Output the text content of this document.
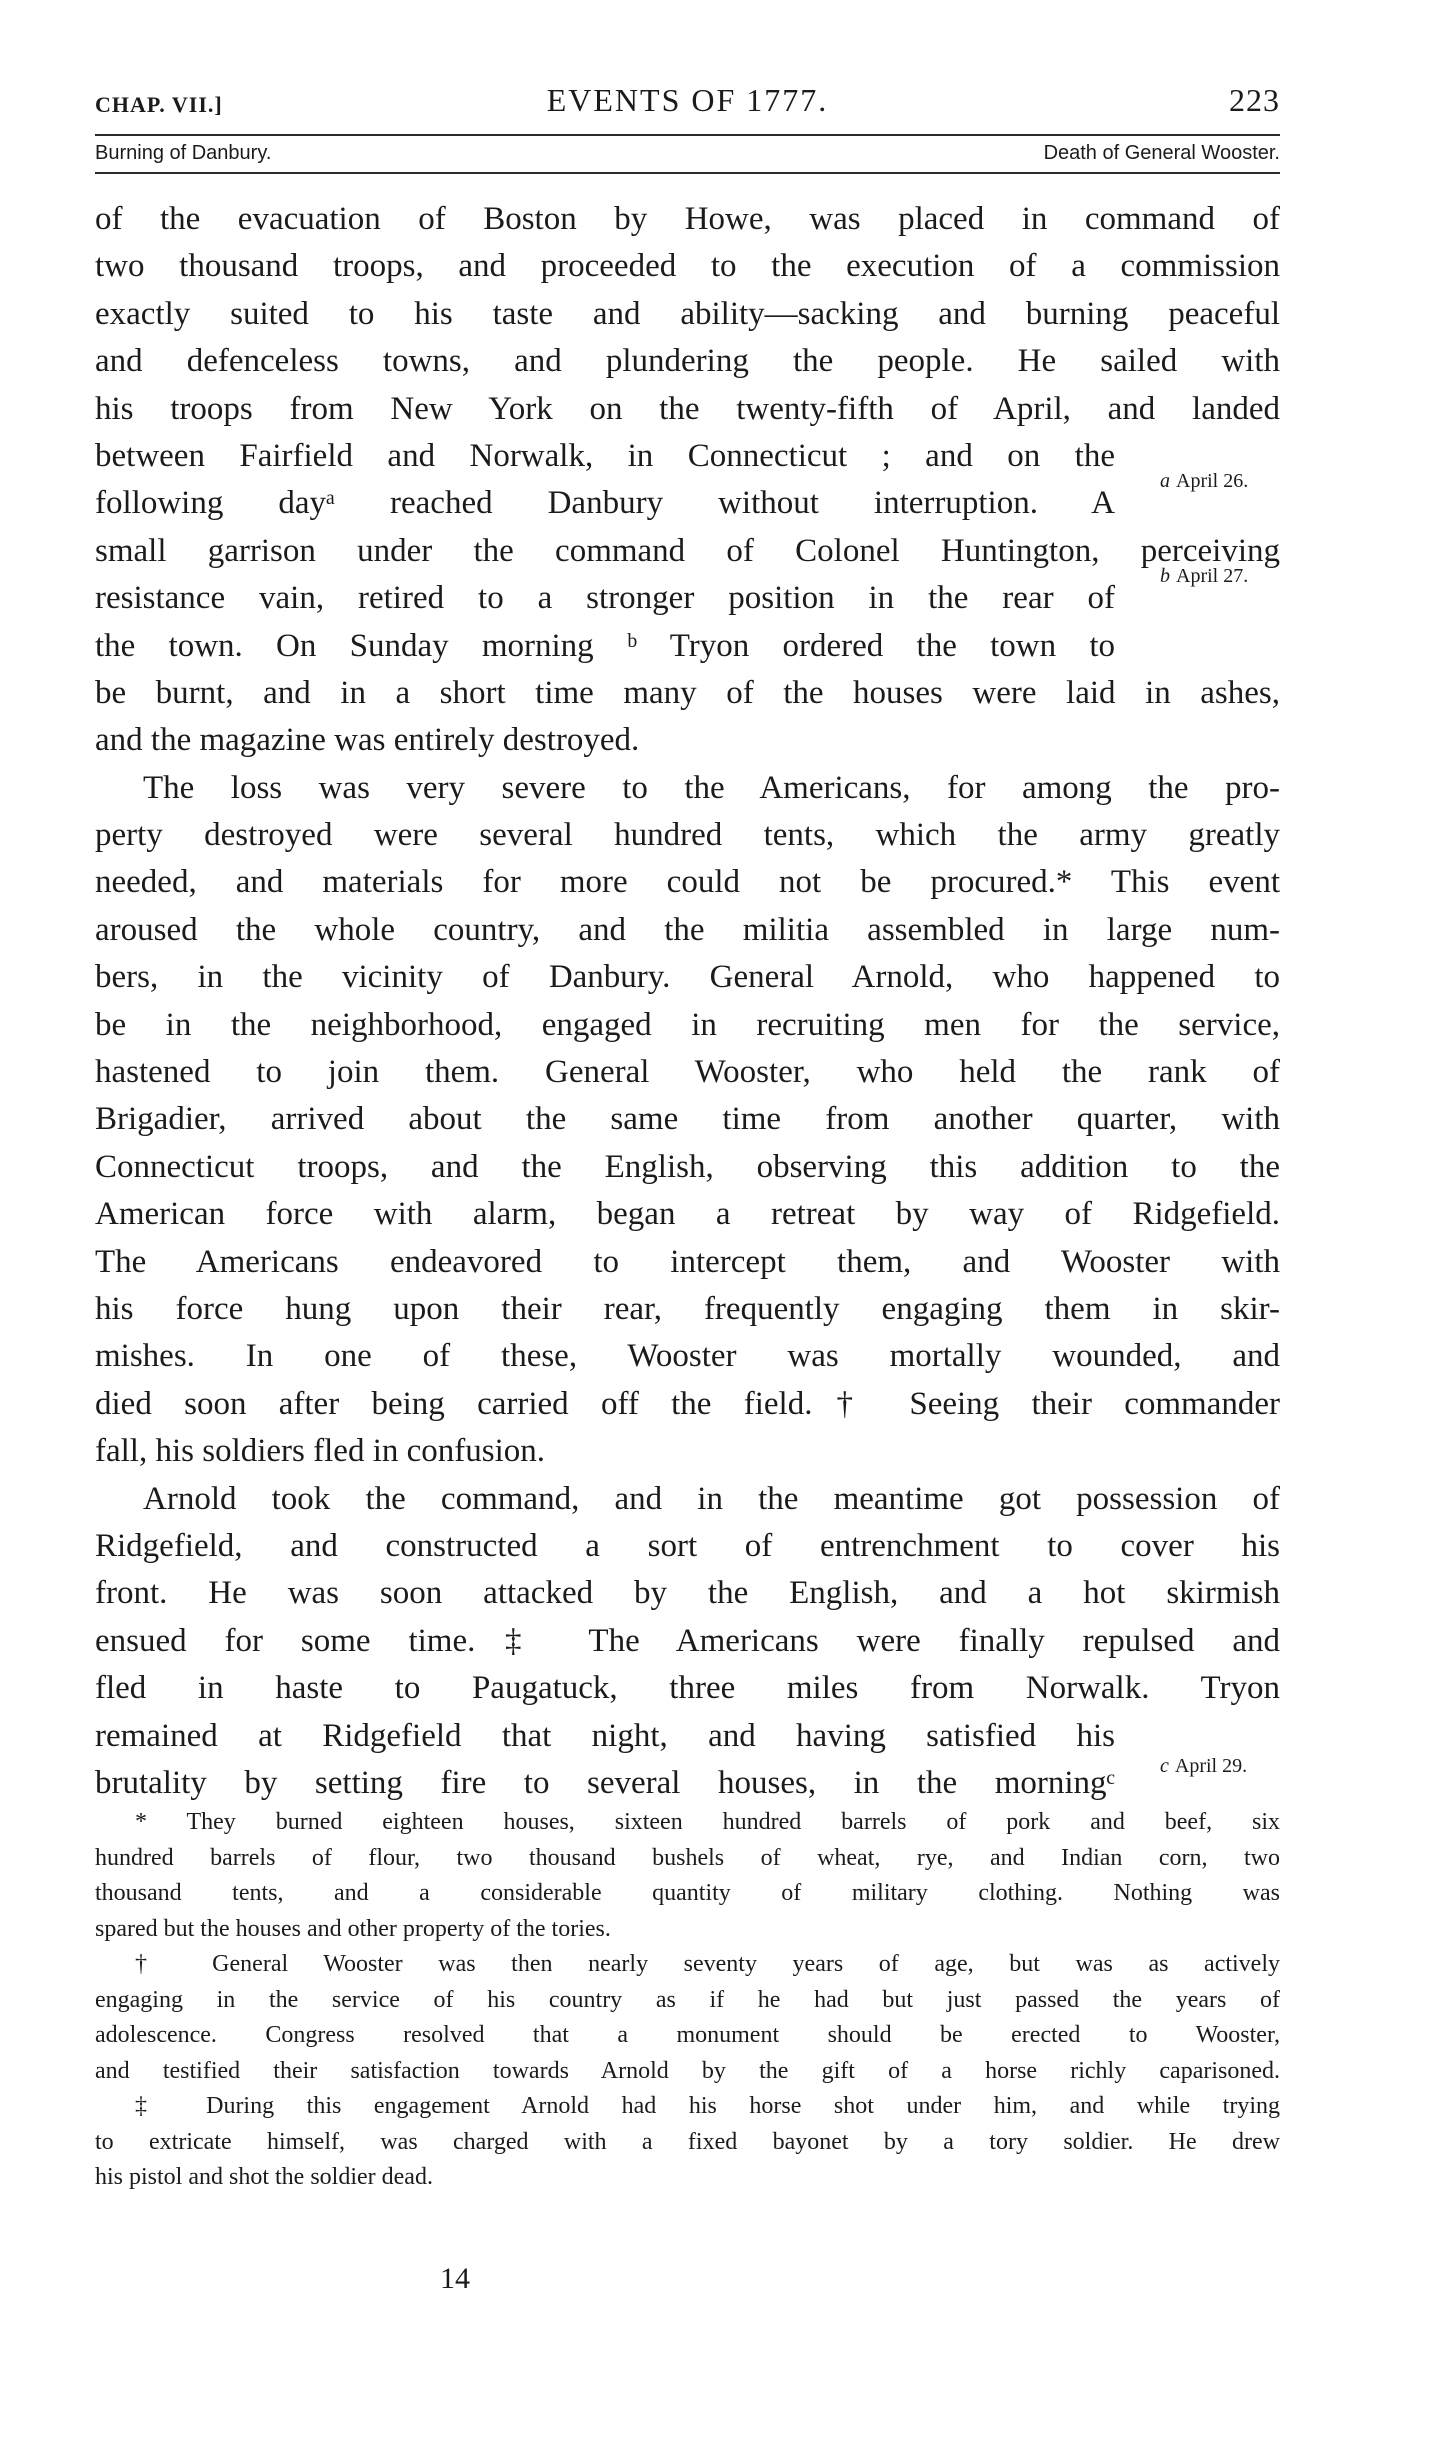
CHAP. VII.]	EVENTS OF 1777.	223
Burning of Danbury.	Death of General Wooster.
of the evacuation of Boston by Howe, was placed in command of
two thousand troops, and proceeded to the execution of a commission
exactly suited to his taste and ability—sacking and burning peaceful
and defenceless towns, and plundering the people. He sailed with
his troops from New York on the twenty-fifth of April, and landed
between Fairfield and Norwalk, in Connecticut ; and on the
following dayᵃ reached Danbury without interruption. A
small garrison under the command of Colonel Huntington, perceiving
resistance vain, retired to a stronger position in the rear of
the town. On Sunday morning ᵇ Tryon ordered the town to
be burnt, and in a short time many of the houses were laid in ashes,
and the magazine was entirely destroyed.
The loss was very severe to the Americans, for among the pro-
perty destroyed were several hundred tents, which the army greatly
needed, and materials for more could not be procured.* This event
aroused the whole country, and the militia assembled in large num-
bers, in the vicinity of Danbury. General Arnold, who happened to
be in the neighborhood, engaged in recruiting men for the service,
hastened to join them. General Wooster, who held the rank of
Brigadier, arrived about the same time from another quarter, with
Connecticut troops, and the English, observing this addition to the
American force with alarm, began a retreat by way of Ridgefield.
The Americans endeavored to intercept them, and Wooster with
his force hung upon their rear, frequently engaging them in skir-
mishes. In one of these, Wooster was mortally wounded, and
died soon after being carried off the field.† Seeing their commander
fall, his soldiers fled in confusion.
Arnold took the command, and in the meantime got possession of
Ridgefield, and constructed a sort of entrenchment to cover his
front. He was soon attacked by the English, and a hot skirmish
ensued for some time.‡ The Americans were finally repulsed and
fled in haste to Paugatuck, three miles from Norwalk. Tryon
remained at Ridgefield that night, and having satisfied his
brutality by setting fire to several houses, in the morningᶜ
a April 26.
b April 27.
c April 29.
* They burned eighteen houses, sixteen hundred barrels of pork and beef, six
hundred barrels of flour, two thousand bushels of wheat, rye, and Indian corn, two
thousand tents, and a considerable quantity of military clothing. Nothing was
spared but the houses and other property of the tories.
† General Wooster was then nearly seventy years of age, but was as actively
engaging in the service of his country as if he had but just passed the years of
adolescence. Congress resolved that a monument should be erected to Wooster,
and testified their satisfaction towards Arnold by the gift of a horse richly caparisoned.
‡ During this engagement Arnold had his horse shot under him, and while trying
to extricate himself, was charged with a fixed bayonet by a tory soldier. He drew
his pistol and shot the soldier dead.
14
